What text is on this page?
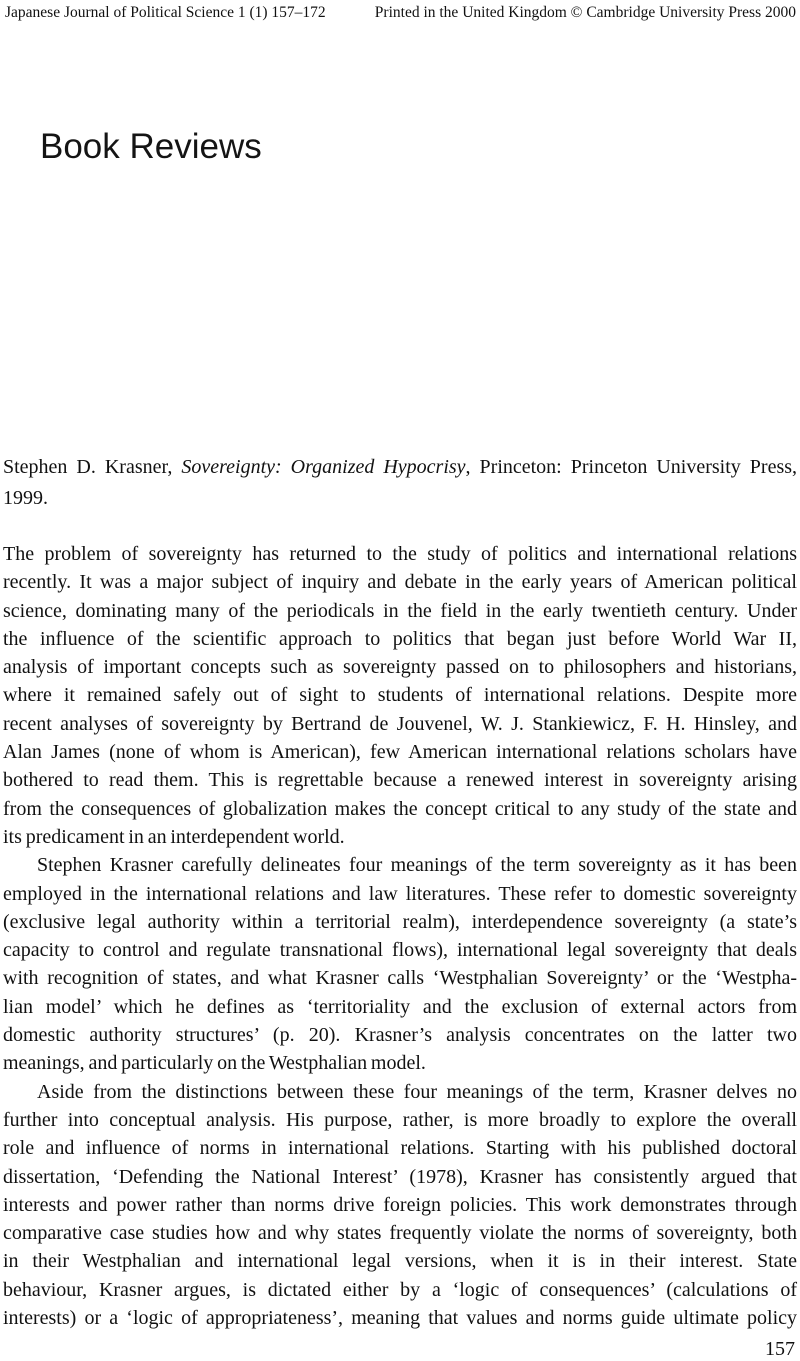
Japanese Journal of Political Science 1 (1) 157–172	Printed in the United Kingdom © Cambridge University Press 2000
Book Reviews
Stephen D. Krasner, Sovereignty: Organized Hypocrisy, Princeton: Princeton University Press,
1999.
The problem of sovereignty has returned to the study of politics and international relations
recently. It was a major subject of inquiry and debate in the early years of American political
science, dominating many of the periodicals in the field in the early twentieth century. Under
the influence of the scientific approach to politics that began just before World War II,
analysis of important concepts such as sovereignty passed on to philosophers and historians,
where it remained safely out of sight to students of international relations. Despite more
recent analyses of sovereignty by Bertrand de Jouvenel, W. J. Stankiewicz, F. H. Hinsley, and
Alan James (none of whom is American), few American international relations scholars have
bothered to read them. This is regrettable because a renewed interest in sovereignty arising
from the consequences of globalization makes the concept critical to any study of the state and
its predicament in an interdependent world.
Stephen Krasner carefully delineates four meanings of the term sovereignty as it has been
employed in the international relations and law literatures. These refer to domestic sovereignty
(exclusive legal authority within a territorial realm), interdependence sovereignty (a state’s
capacity to control and regulate transnational flows), international legal sovereignty that deals
with recognition of states, and what Krasner calls ‘Westphalian Sovereignty’ or the ‘Westpha-
lian model’ which he defines as ‘territoriality and the exclusion of external actors from
domestic authority structures’ (p. 20). Krasner’s analysis concentrates on the latter two
meanings, and particularly on the Westphalian model.
Aside from the distinctions between these four meanings of the term, Krasner delves no
further into conceptual analysis. His purpose, rather, is more broadly to explore the overall
role and influence of norms in international relations. Starting with his published doctoral
dissertation, ‘Defending the National Interest’ (1978), Krasner has consistently argued that
interests and power rather than norms drive foreign policies. This work demonstrates through
comparative case studies how and why states frequently violate the norms of sovereignty, both
in their Westphalian and international legal versions, when it is in their interest. State
behaviour, Krasner argues, is dictated either by a ‘logic of consequences’ (calculations of
interests) or a ‘logic of appropriateness’, meaning that values and norms guide ultimate policy
157
